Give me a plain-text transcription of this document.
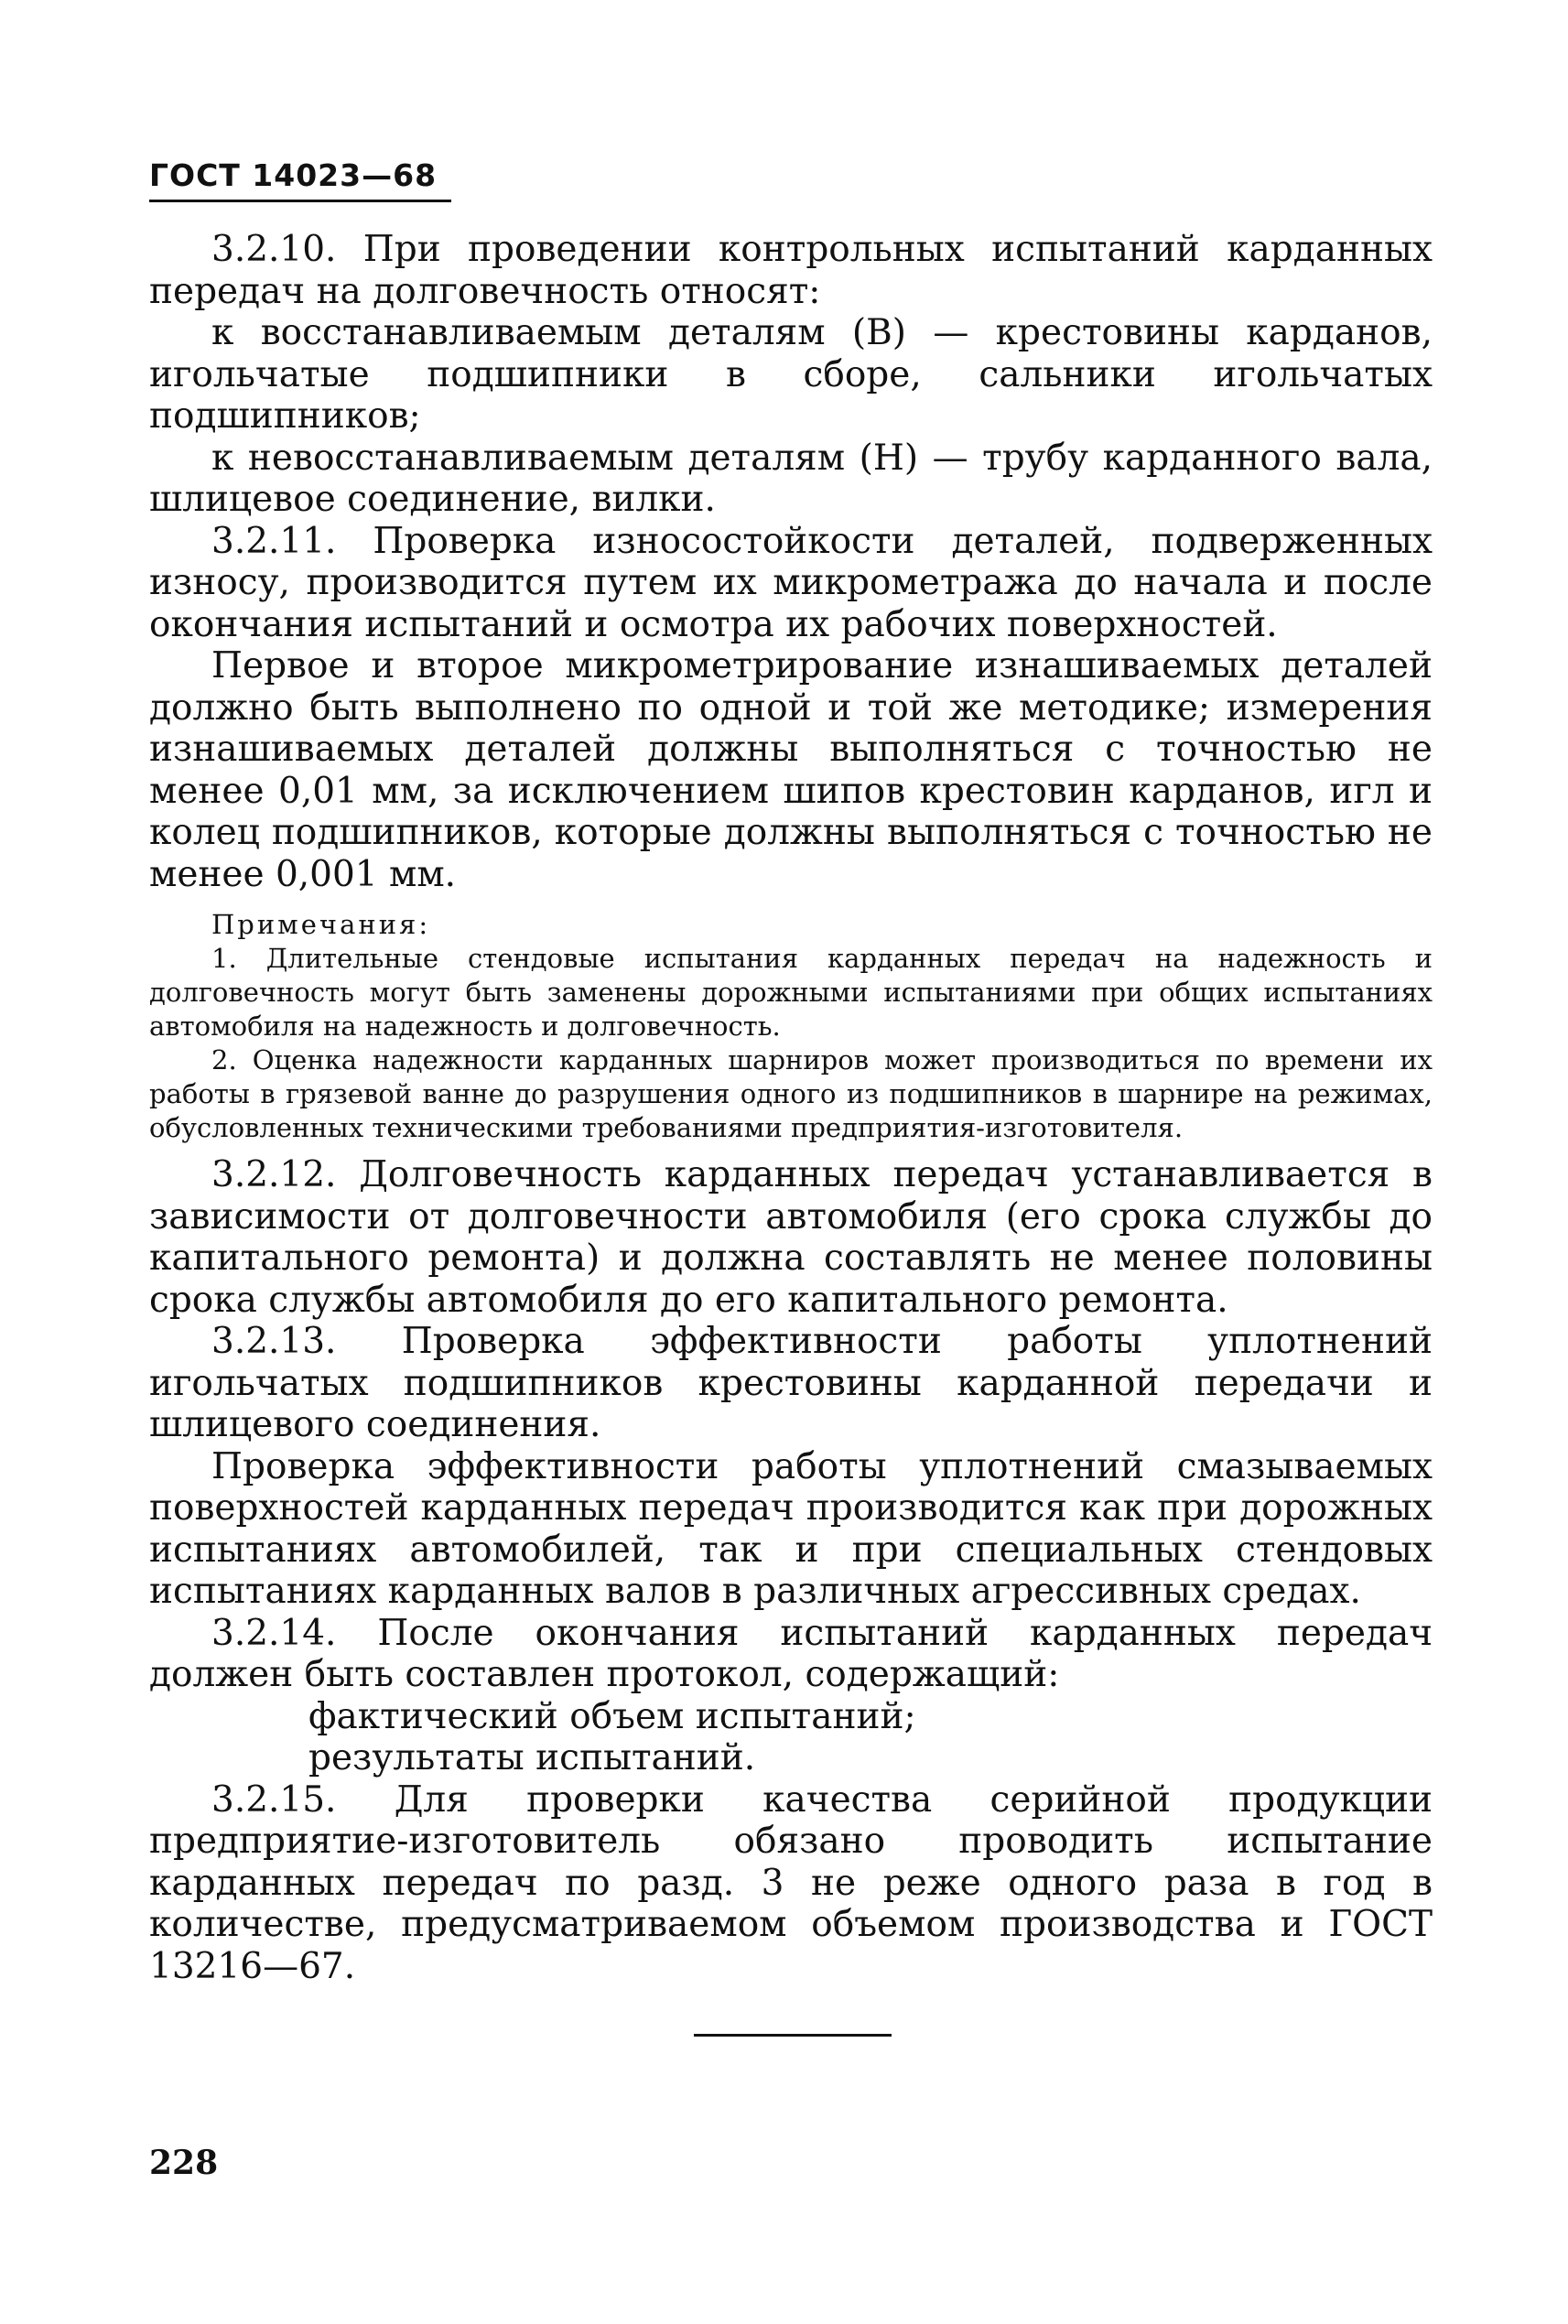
ГОСТ 14023—68

3.2.10. При проведении контрольных испытаний карданных передач на долговечность относят:

к восстанавливаемым деталям (В) — крестовины карданов, игольчатые подшипники в сборе, сальники игольчатых подшипников;

к невосстанавливаемым деталям (Н) — трубу карданного вала, шлицевое соединение, вилки.

3.2.11. Проверка износостойкости деталей, подверженных износу, производится путем их микрометража до начала и после окончания испытаний и осмотра их рабочих поверхностей.

Первое и второе микрометрирование изнашиваемых деталей должно быть выполнено по одной и той же методике; измерения изнашиваемых деталей должны выполняться с точностью не менее 0,01 мм, за исключением шипов крестовин карданов, игл и колец подшипников, которые должны выполняться с точностью не менее 0,001 мм.

Примечания:

1. Длительные стендовые испытания карданных передач на надежность и долговечность могут быть заменены дорожными испытаниями при общих испытаниях автомобиля на надежность и долговечность.

2. Оценка надежности карданных шарниров может производиться по времени их работы в грязевой ванне до разрушения одного из подшипников в шарнире на режимах, обусловленных техническими требованиями предприятия-изготовителя.

3.2.12. Долговечность карданных передач устанавливается в зависимости от долговечности автомобиля (его срока службы до капитального ремонта) и должна составлять не менее половины срока службы автомобиля до его капитального ремонта.

3.2.13. Проверка эффективности работы уплотнений игольчатых подшипников крестовины карданной передачи и шлицевого соединения.

Проверка эффективности работы уплотнений смазываемых поверхностей карданных передач производится как при дорожных испытаниях автомобилей, так и при специальных стендовых испытаниях карданных валов в различных агрессивных средах.

3.2.14. После окончания испытаний карданных передач должен быть составлен протокол, содержащий:

фактический объем испытаний;

результаты испытаний.

3.2.15. Для проверки качества серийной продукции предприятие-изготовитель обязано проводить испытание карданных передач по разд. 3 не реже одного раза в год в количестве, предусматриваемом объемом производства и ГОСТ 13216—67.

228
